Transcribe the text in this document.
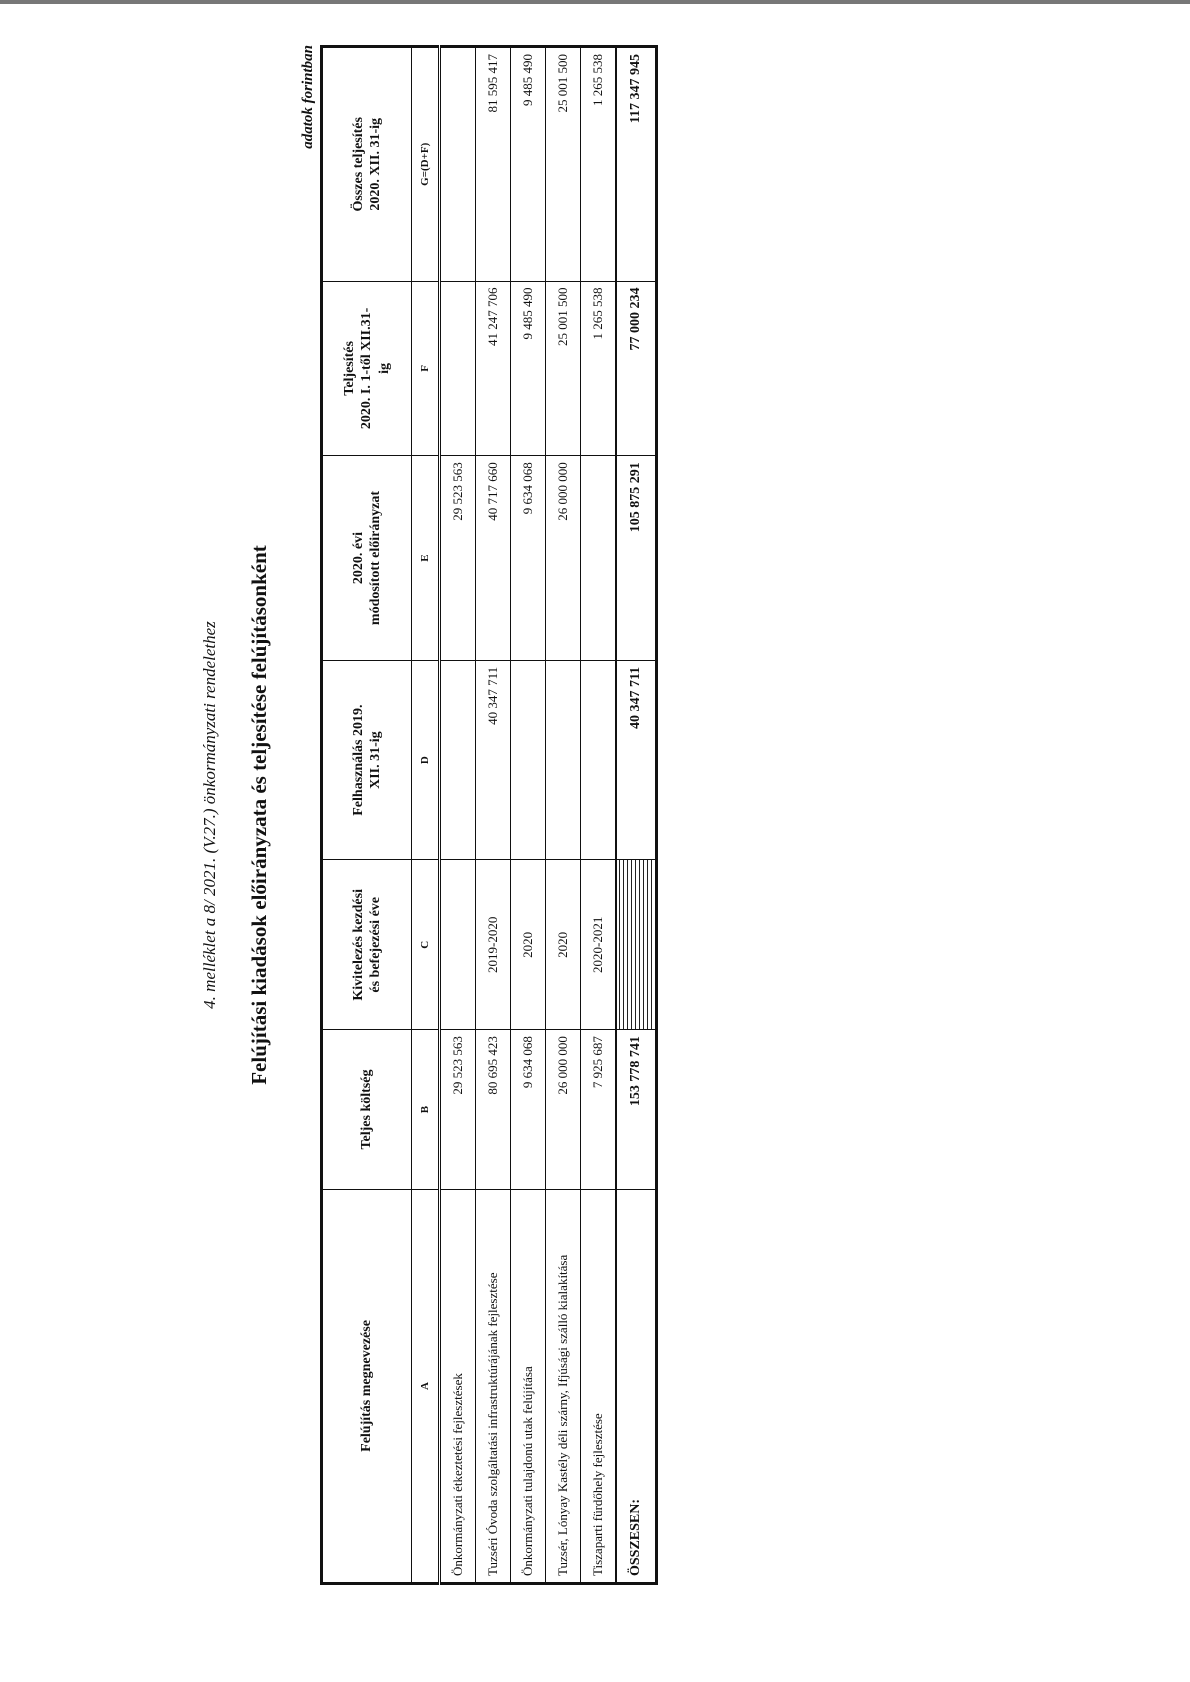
4. melléklet a 8/ 2021. (V.27.) önkormányzati rendelethez Felújítási kiadások előirányzata és teljesítése felújításonként
adatok forintban
Felújítás megnevezése	Teljes költség	Kivitelezés kezdési és befejezési éve	Felhasználás 2019. XII. 31-ig	2020. évi módosított előirányzat	Teljesítés 2020. I. 1-től XII.31- ig	Összes teljesítés 2020. XII. 31-ig

A	B	C	D	E	F	G=(D+F)
Önkormányzati étkeztetési fejlesztések	29 523 563			29 523 563		
Tuzséri Óvoda szolgáltatási infrastruktúrájának fejlesztése	80 695 423	2019-2020	40 347 711	40 717 660	41 247 706	81 595 417
Önkormányzati tulajdonú utak felújítása	9 634 068	2020		9 634 068	9 485 490	9 485 490
Tuzsér, Lónyay Kastély déli szárny, Ifjúsági szálló kialakítása	26 000 000	2020		26 000 000	25 001 500	25 001 500
Tiszaparti fürdőhely fejlesztése	7 925 687	2020-2021			1 265 538	1 265 538
ÖSSZESEN:	153 778 741		40 347 711	105 875 291	77 000 234	117 347 945
